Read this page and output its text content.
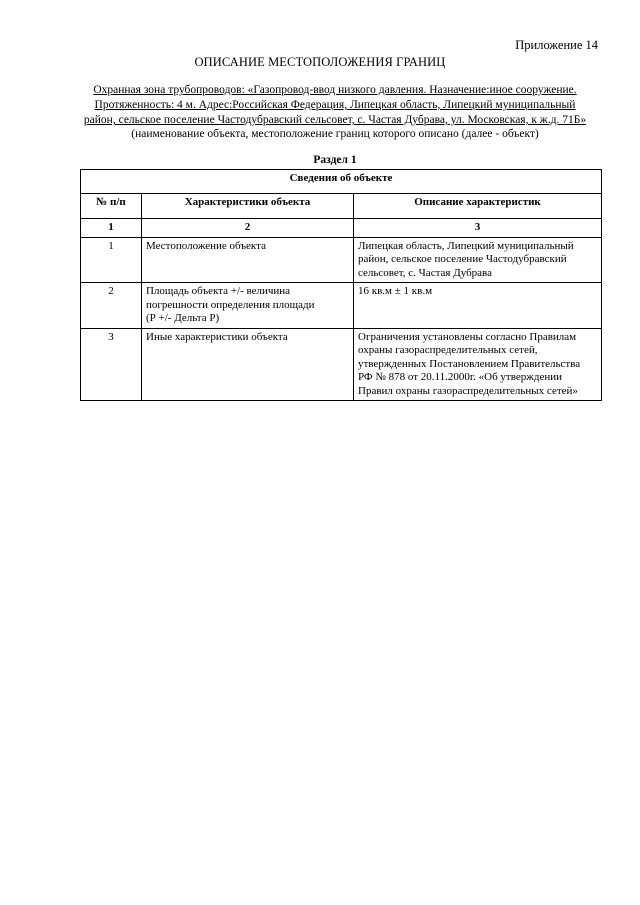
Приложение 14
ОПИСАНИЕ МЕСТОПОЛОЖЕНИЯ ГРАНИЦ
Охранная зона трубопроводов: «Газопровод-ввод низкого давления. Назначение:иное сооружение.
Протяженность: 4 м. Адрес:Российская Федерация, Липецкая область, Липецкий муниципальный
район, сельское поселение Частодубравский сельсовет, с. Частая Дубрава, ул. Московская, к ж.д. 71Б»
(наименование объекта, местоположение границ которого описано (далее - объект)
Раздел 1
Сведения об объекте		
№ п/п	Характеристики объекта	Описание характеристик
1	2	3
1	Местоположение объекта	Липецкая область, Липецкий муниципальный
район, сельское поселение Частодубравский
сельсовет, с. Частая Дубрава

2	Площадь объекта +/- величина
погрешности определения площади
(Р +/- Дельта Р)	16 кв.м ± 1 кв.м
3	Иные характеристики объекта	Ограничения установлены согласно Правилам
охраны газораспределительных сетей,
утвержденных Постановлением Правительства
РФ № 878 от 20.11.2000г. «Об утверждении
Правил охраны газораспределительных сетей»
